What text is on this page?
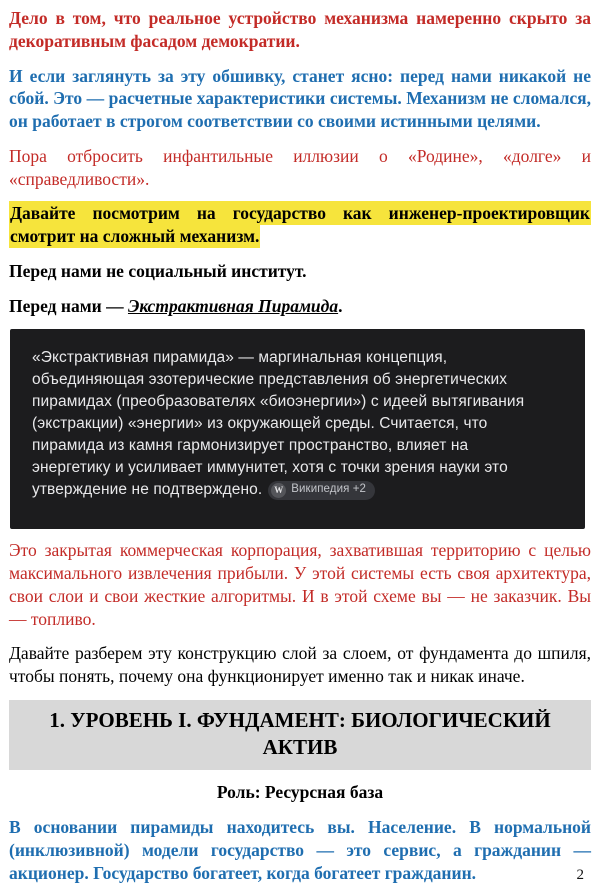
Дело в том, что реальное устройство механизма намеренно скрыто за декоративным фасадом демократии.

И если заглянуть за эту обшивку, станет ясно: перед нами никакой не сбой. Это — расчетные характеристики системы. Механизм не сломался, он работает в строгом соответствии со своими истинными целями.

Пора отбросить инфантильные иллюзии о «Родине», «долге» и «справедливости».

Давайте посмотрим на государство как инженер-проектировщик смотрит на сложный механизм.

Перед нами не социальный институт.

Перед нами — Экстрактивная Пирамида.

«Экстрактивная пирамида» — маргинальная концепция, объединяющая эзотерические представления об энергетических пирамидах (преобразователях «биоэнергии») с идеей вытягивания (экстракции) «энергии» из окружающей среды. Считается, что пирамида из камня гармонизирует пространство, влияет на энергетику и усиливает иммунитет, хотя с точки зрения науки это утверждение не подтверждено.	W Википедия +2

Это закрытая коммерческая корпорация, захватившая территорию с целью максимального извлечения прибыли. У этой системы есть своя архитектура, свои слои и свои жесткие алгоритмы. И в этой схеме вы — не заказчик. Вы — топливо.

Давайте разберем эту конструкцию слой за слоем, от фундамента до шпиля, чтобы понять, почему она функционирует именно так и никак иначе.

1. УРОВЕНЬ I. ФУНДАМЕНТ: БИОЛОГИЧЕСКИЙ АКТИВ
Роль: Ресурсная база

В основании пирамиды находитесь вы. Население. В нормальной (инклюзивной) модели государство — это сервис, а гражданин — акционер. Государство богатеет, когда богатеет гражданин.	2
